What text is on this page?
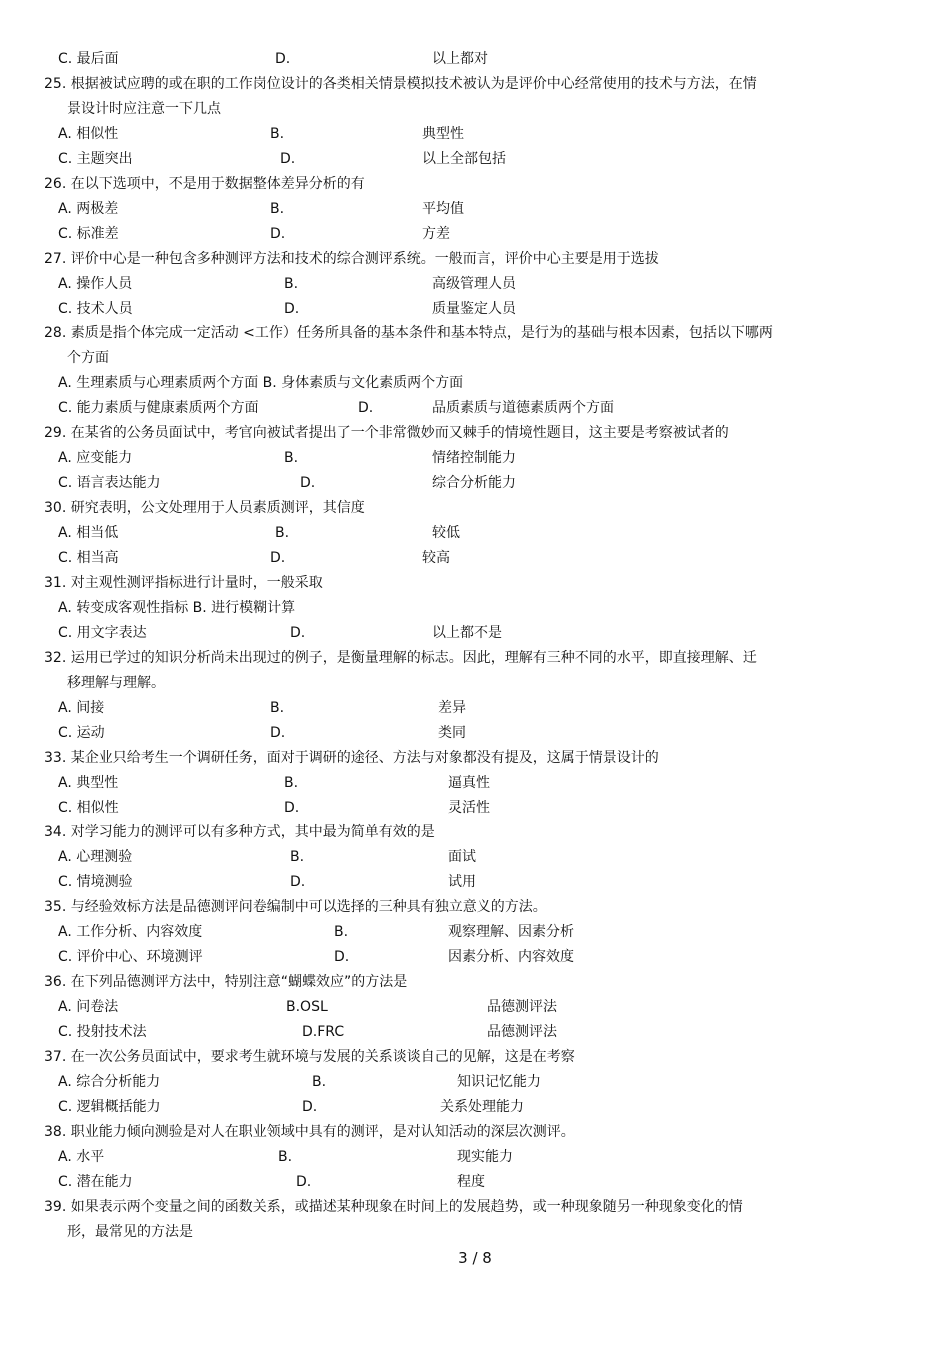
C. 最后面	D.	以上都对
25. 根据被试应聘的或在职的工作岗位设计的各类相关情景模拟技术被认为是评价中心经常使用的技术与方法，在情
景设计时应注意一下几点
A. 相似性	B.	典型性
C. 主题突出	D.	以上全部包括
26. 在以下选项中，不是用于数据整体差异分析的有
A. 两极差	B.	平均值
C. 标准差	D.	方差
27. 评价中心是一种包含多种测评方法和技术的综合测评系统。一般而言，评价中心主要是用于选拔
A. 操作人员	B.	高级管理人员
C. 技术人员	D.	质量鉴定人员
28. 素质是指个体完成一定活动 <工作）任务所具备的基本条件和基本特点，是行为的基础与根本因素，包括以下哪两
个方面
A. 生理素质与心理素质两个方面 B. 身体素质与文化素质两个方面
C. 能力素质与健康素质两个方面	D.	品质素质与道德素质两个方面
29. 在某省的公务员面试中，考官向被试者提出了一个非常微妙而又棘手的情境性题目，这主要是考察被试者的
A. 应变能力	B.	情绪控制能力
C. 语言表达能力	D.	综合分析能力
30. 研究表明，公文处理用于人员素质测评，其信度
A. 相当低	B.	较低
C. 相当高	D.	较高
31. 对主观性测评指标进行计量时，一般采取
A. 转变成客观性指标 B. 进行模糊计算
C. 用文字表达	D.	以上都不是
32. 运用已学过的知识分析尚未出现过的例子，是衡量理解的标志。因此，理解有三种不同的水平，即直接理解、迁
移理解与理解。
A. 间接	B.	差异
C. 运动	D.	类同
33. 某企业只给考生一个调研任务，面对于调研的途径、方法与对象都没有提及，这属于情景设计的
A. 典型性	B.	逼真性
C. 相似性	D.	灵活性
34. 对学习能力的测评可以有多种方式，其中最为简单有效的是
A. 心理测验	B.	面试
C. 情境测验	D.	试用
35. 与经验效标方法是品德测评问卷编制中可以选择的三种具有独立意义的方法。
A. 工作分析、内容效度	B.	观察理解、因素分析
C. 评价中心、环境测评	D.	因素分析、内容效度
36. 在下列品德测评方法中，特别注意“蝴蝶效应”的方法是
A. 问卷法	B.OSL	品德测评法
C. 投射技术法	D.FRC	品德测评法
37. 在一次公务员面试中，要求考生就环境与发展的关系谈谈自己的见解，这是在考察
A. 综合分析能力	B.	知识记忆能力
C. 逻辑概括能力	D.	关系处理能力
38. 职业能力倾向测验是对人在职业领域中具有的测评，是对认知活动的深层次测评。
A. 水平	B.	现实能力
C. 潜在能力	D.	程度
39. 如果表示两个变量之间的函数关系，或描述某种现象在时间上的发展趋势，或一种现象随另一种现象变化的情
形，最常见的方法是
3 / 8
